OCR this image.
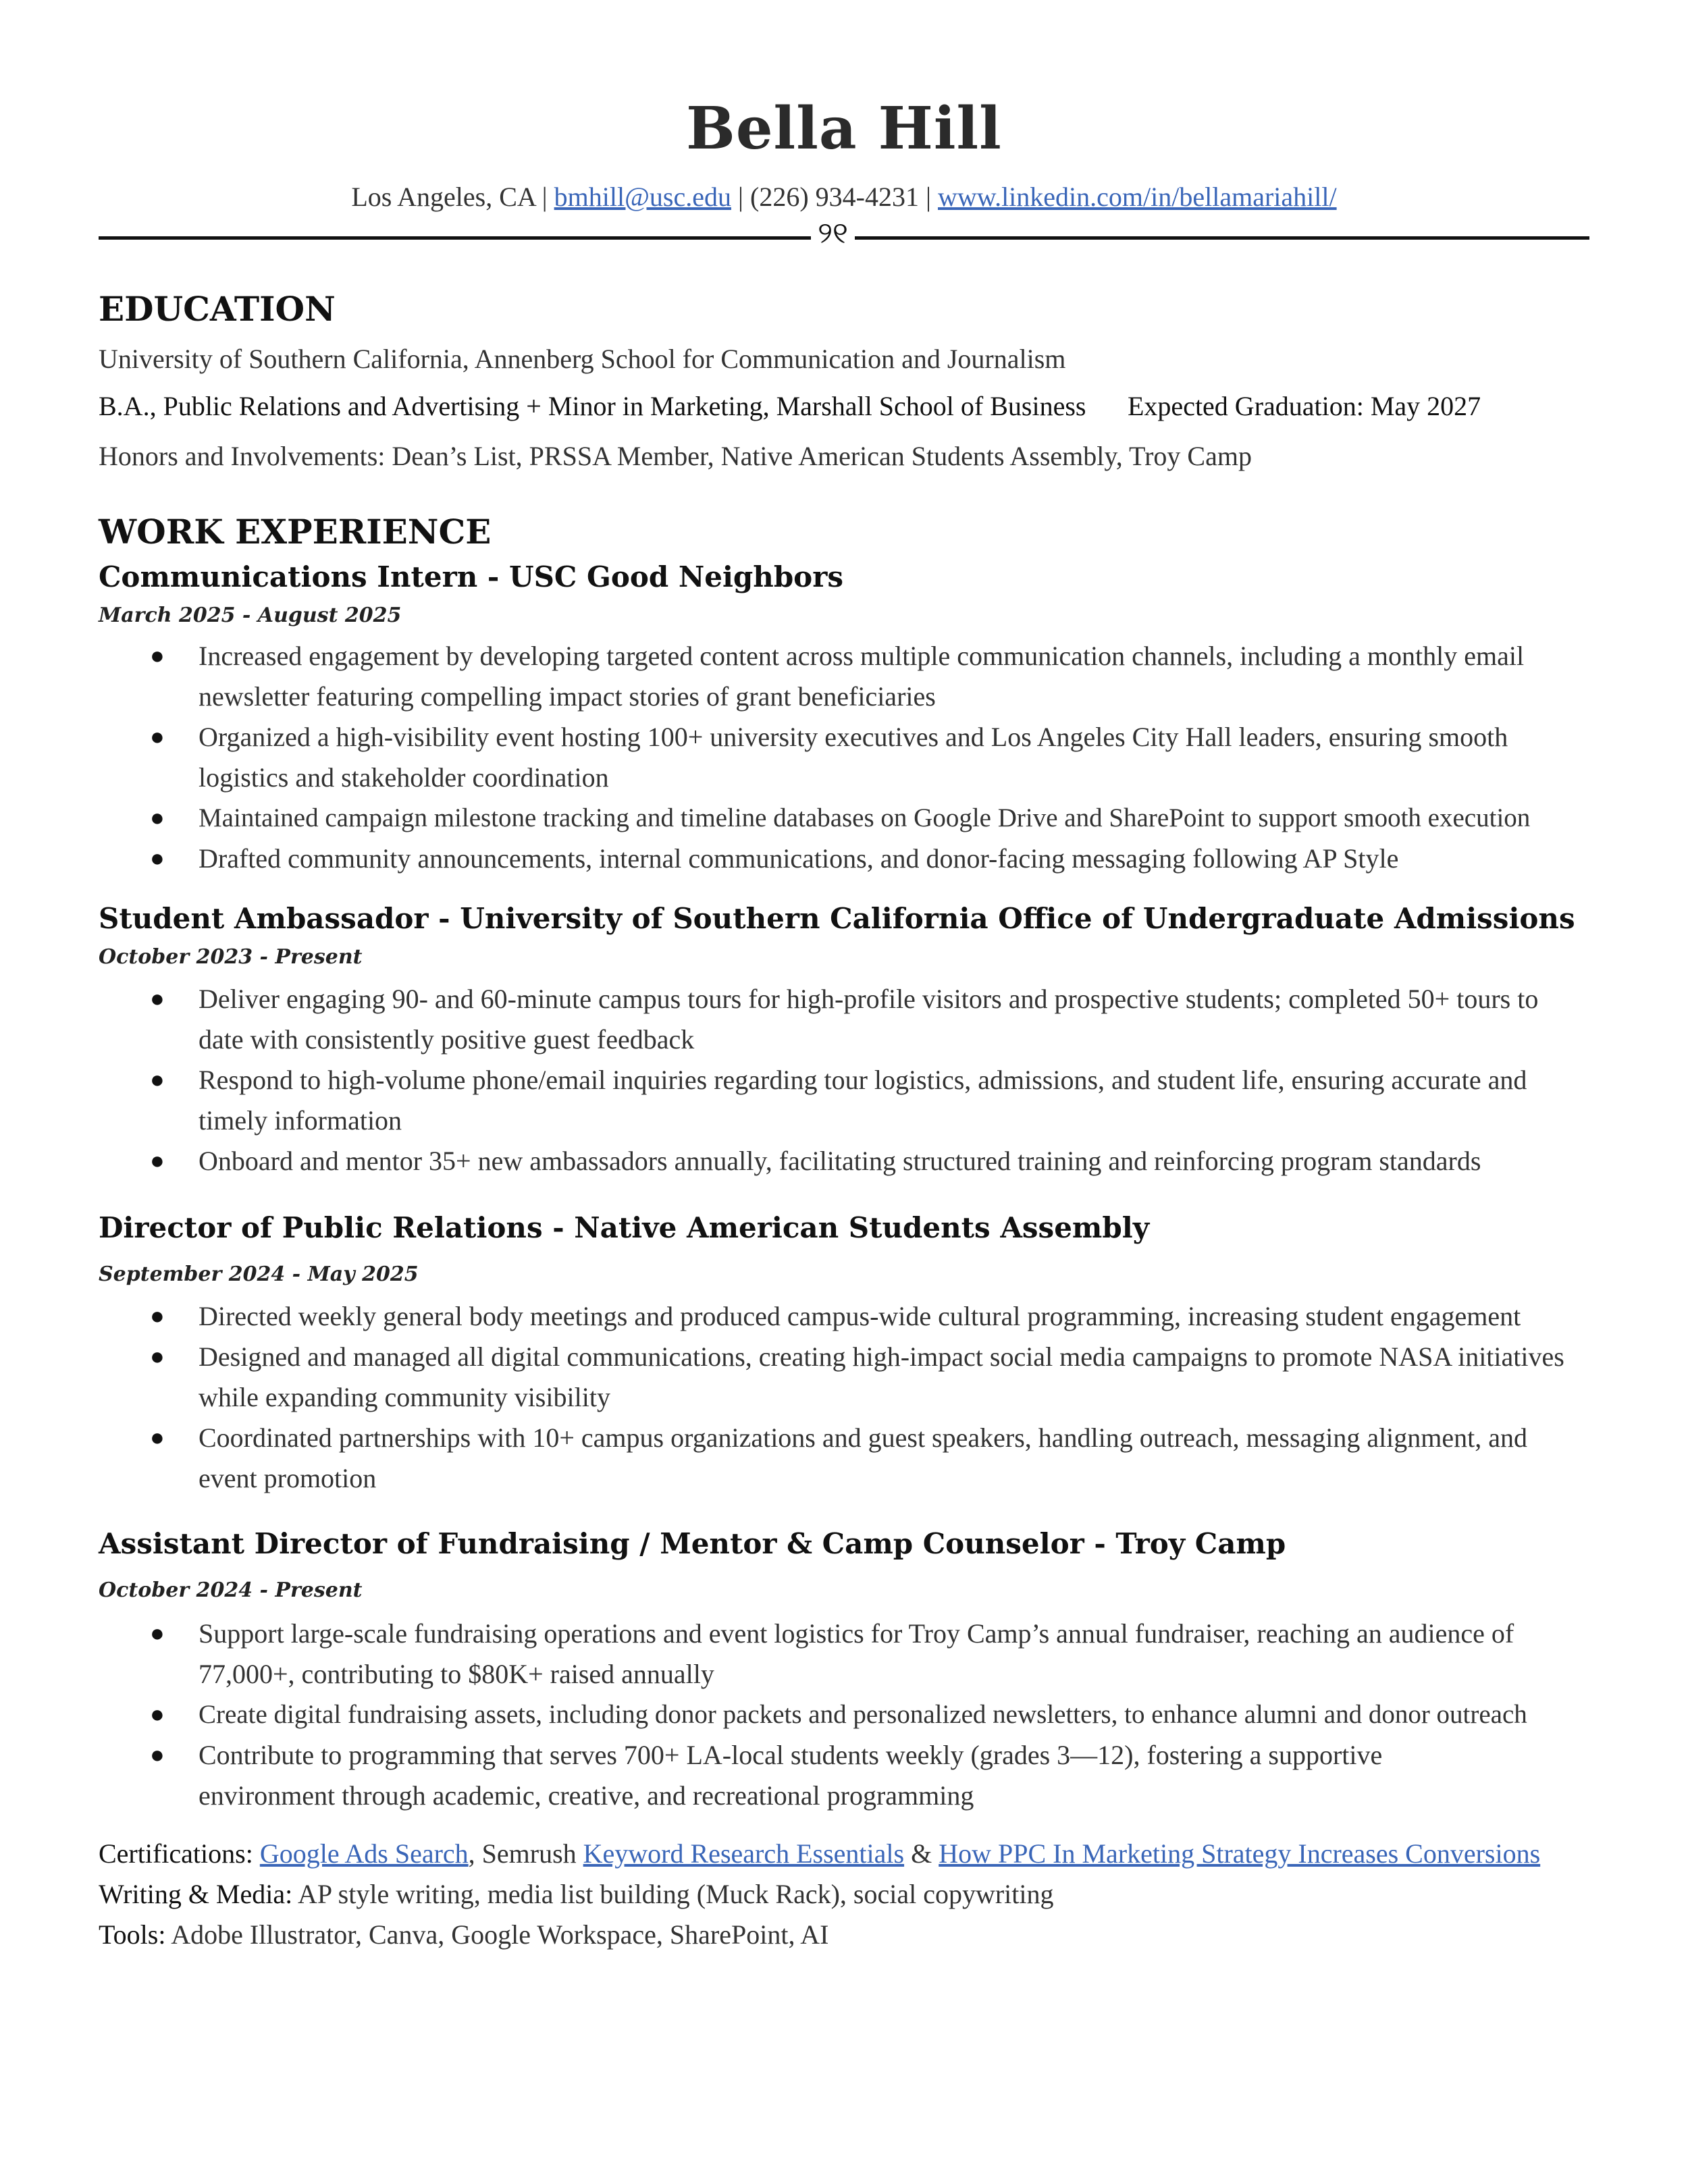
Bella Hill
Los Angeles, CA | bmhill@usc.edu | (226) 934-4231 | www.linkedin.com/in/bellamariahill/
୨୧
EDUCATION
University of Southern California, Annenberg School for Communication and Journalism
B.A., Public Relations and Advertising + Minor in Marketing, Marshall School of Business Expected Graduation: May 2027
Honors and Involvements: Dean’s List, PRSSA Member, Native American Students Assembly, Troy Camp
WORK EXPERIENCE
Communications Intern - USC Good Neighbors
March 2025 - August 2025
● Increased engagement by developing targeted content across multiple communication channels, including a monthly email newsletter featuring compelling impact stories of grant beneficiaries
● Organized a high-visibility event hosting 100+ university executives and Los Angeles City Hall leaders, ensuring smooth logistics and stakeholder coordination
● Maintained campaign milestone tracking and timeline databases on Google Drive and SharePoint to support smooth execution
● Drafted community announcements, internal communications, and donor-facing messaging following AP Style
Student Ambassador - University of Southern California Office of Undergraduate Admissions
October 2023 - Present
● Deliver engaging 90- and 60-minute campus tours for high-profile visitors and prospective students; completed 50+ tours to date with consistently positive guest feedback
● Respond to high-volume phone/email inquiries regarding tour logistics, admissions, and student life, ensuring accurate and timely information
● Onboard and mentor 35+ new ambassadors annually, facilitating structured training and reinforcing program standards
Director of Public Relations - Native American Students Assembly
September 2024 - May 2025
● Directed weekly general body meetings and produced campus-wide cultural programming, increasing student engagement
● Designed and managed all digital communications, creating high-impact social media campaigns to promote NASA initiatives while expanding community visibility
● Coordinated partnerships with 10+ campus organizations and guest speakers, handling outreach, messaging alignment, and event promotion
Assistant Director of Fundraising / Mentor & Camp Counselor - Troy Camp
October 2024 - Present
● Support large-scale fundraising operations and event logistics for Troy Camp’s annual fundraiser, reaching an audience of 77,000+, contributing to $80K+ raised annually
● Create digital fundraising assets, including donor packets and personalized newsletters, to enhance alumni and donor outreach
● Contribute to programming that serves 700+ LA-local students weekly (grades 3—12), fostering a supportive environment through academic, creative, and recreational programming
Certifications: Google Ads Search, Semrush Keyword Research Essentials & How PPC In Marketing Strategy Increases Conversions
Writing & Media: AP style writing, media list building (Muck Rack), social copywriting
Tools: Adobe Illustrator, Canva, Google Workspace, SharePoint, AI
